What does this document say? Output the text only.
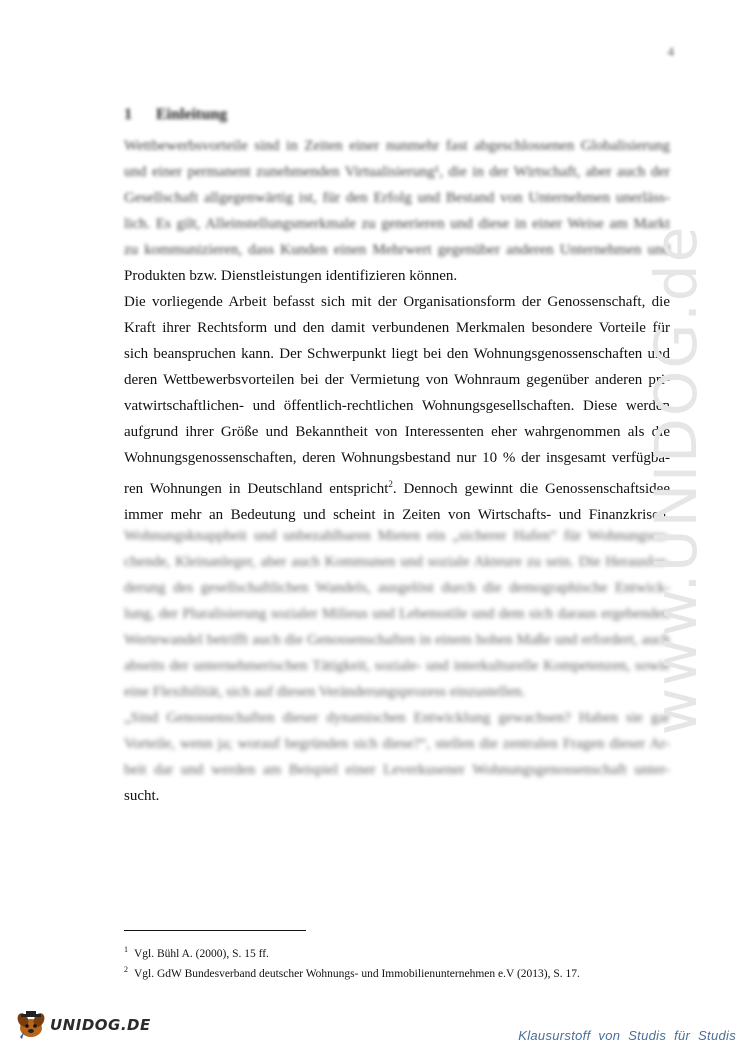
4
1 Einleitung
Wettbewerbsvorteile sind in Zeiten einer nunmehr fast abgeschlossenen Globalisierung
und einer permanent zunehmenden Virtualisierung¹, die in der Wirtschaft, aber auch der
Gesellschaft allgegenwärtig ist, für den Erfolg und Bestand von Unternehmen unerläss-
lich. Es gilt, Alleinstellungsmerkmale zu generieren und diese in einer Weise am Markt
zu kommunizieren, dass Kunden einen Mehrwert gegenüber anderen Unternehmen und
Produkten bzw. Dienstleistungen identifizieren können.
Die vorliegende Arbeit befasst sich mit der Organisationsform der Genossenschaft, die
Kraft ihrer Rechtsform und den damit verbundenen Merkmalen besondere Vorteile für
sich beanspruchen kann. Der Schwerpunkt liegt bei den Wohnungsgenossenschaften und
deren Wettbewerbsvorteilen bei der Vermietung von Wohnraum gegenüber anderen pri-
vatwirtschaftlichen- und öffentlich-rechtlichen Wohnungsgesellschaften. Diese werden
aufgrund ihrer Größe und Bekanntheit von Interessenten eher wahrgenommen als die
Wohnungsgenossenschaften, deren Wohnungsbestand nur 10 % der insgesamt verfügba-
ren Wohnungen in Deutschland entspricht$^2$. Dennoch gewinnt die Genossenschaftsidee
immer mehr an Bedeutung und scheint in Zeiten von Wirtschafts- und Finanzkrisen,
Wohnungsknappheit und unbezahlbaren Mieten ein „sicherer Hafen“ für Wohnungssu-
chende, Kleinanleger, aber auch Kommunen und soziale Akteure zu sein. Die Herausfor-
derung des gesellschaftlichen Wandels, ausgelöst durch die demographische Entwick-
lung, der Pluralisierung sozialer Milieus und Lebensstile und dem sich daraus ergebenden
Wertewandel betrifft auch die Genossenschaften in einem hohen Maße und erfordert, auch
abseits der unternehmerischen Tätigkeit, soziale- und interkulturelle Kompetenzen, sowie
eine Flexibilität, sich auf diesen Veränderungsprozess einzustellen.
„Sind Genossenschaften dieser dynamischen Entwicklung gewachsen? Haben sie gar
Vorteile, wenn ja; worauf begründen sich diese?“, stellen die zentralen Fragen dieser Ar-
beit dar und werden am Beispiel einer Leverkusener Wohnungsgenossenschaft unter-
sucht.
www.UNIDOG.de
$^1$ Vgl. Bühl A. (2000), S. 15 ff.
$^2$ Vgl. GdW Bundesverband deutscher Wohnungs- und Immobilienunternehmen e.V (2013), S. 17.
UNIDOG.DE
Klausurstoff von Studis für Studis
